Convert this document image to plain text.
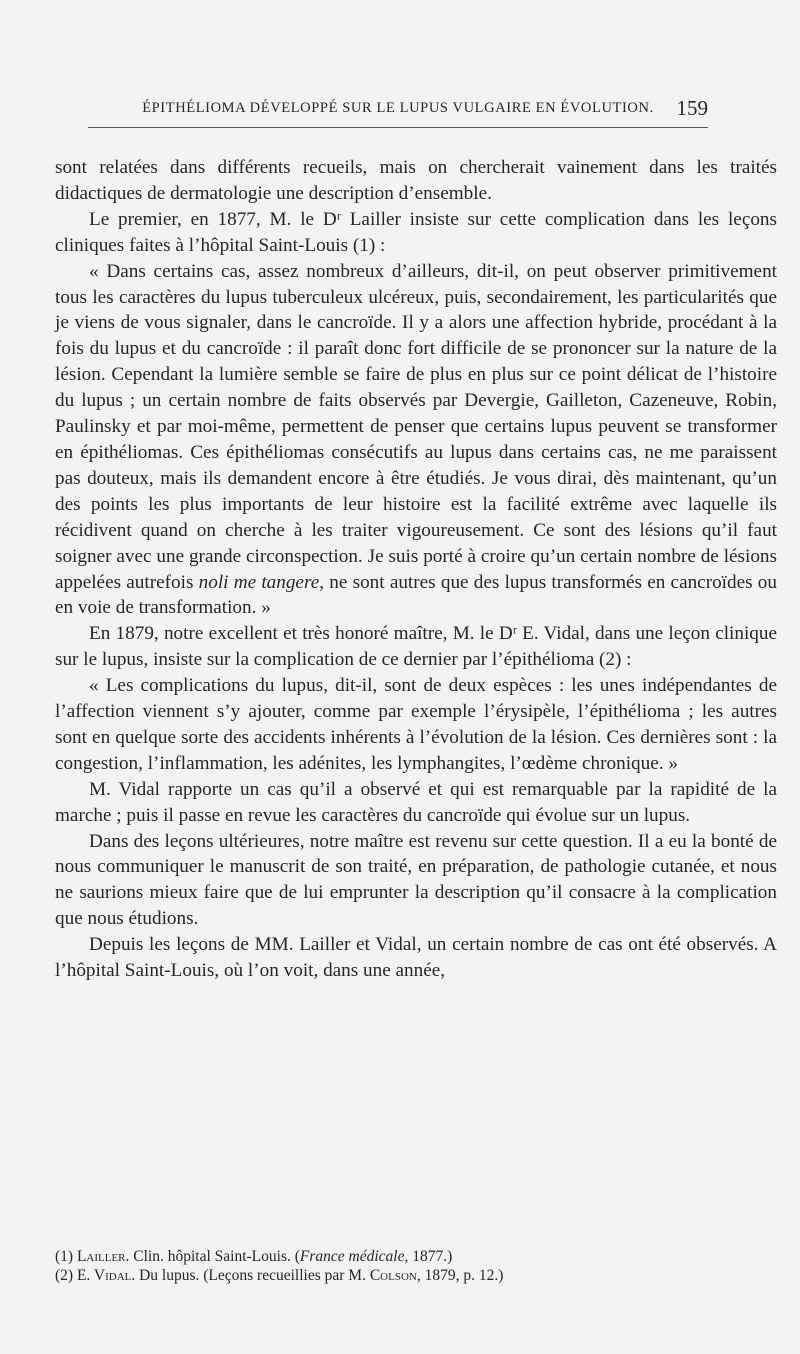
ÉPITHÉLIOMA DÉVELOPPÉ SUR LE LUPUS VULGAIRE EN ÉVOLUTION. 159

sont relatées dans différents recueils, mais on chercherait vainement dans les traités didactiques de dermatologie une description d’ensemble.

Le premier, en 1877, M. le Dʳ Lailler insiste sur cette complication dans les leçons cliniques faites à l’hôpital Saint-Louis (1) :

« Dans certains cas, assez nombreux d’ailleurs, dit-il, on peut observer primitivement tous les caractères du lupus tuberculeux ulcéreux, puis, secondairement, les particularités que je viens de vous signaler, dans le cancroïde. Il y a alors une affection hybride, procédant à la fois du lupus et du cancroïde : il paraît donc fort difficile de se prononcer sur la nature de la lésion. Cependant la lumière semble se faire de plus en plus sur ce point délicat de l’histoire du lupus ; un certain nombre de faits observés par Devergie, Gailleton, Cazeneuve, Robin, Paulinsky et par moi-même, permettent de penser que certains lupus peuvent se transformer en épithéliomas. Ces épithéliomas consécutifs au lupus dans certains cas, ne me paraissent pas douteux, mais ils demandent encore à être étudiés. Je vous dirai, dès maintenant, qu’un des points les plus importants de leur histoire est la facilité extrême avec laquelle ils récidivent quand on cherche à les traiter vigoureusement. Ce sont des lésions qu’il faut soigner avec une grande circonspection. Je suis porté à croire qu’un certain nombre de lésions appelées autrefois noli me tangere, ne sont autres que des lupus transformés en cancroïdes ou en voie de transformation. »

En 1879, notre excellent et très honoré maître, M. le Dʳ E. Vidal, dans une leçon clinique sur le lupus, insiste sur la complication de ce dernier par l’épithélioma (2) :

« Les complications du lupus, dit-il, sont de deux espèces : les unes indépendantes de l’affection viennent s’y ajouter, comme par exemple l’érysipèle, l’épithélioma ; les autres sont en quelque sorte des accidents inhérents à l’évolution de la lésion. Ces dernières sont : la congestion, l’inflammation, les adénites, les lymphangites, l’œdème chronique. »

M. Vidal rapporte un cas qu’il a observé et qui est remarquable par la rapidité de la marche ; puis il passe en revue les caractères du cancroïde qui évolue sur un lupus.

Dans des leçons ultérieures, notre maître est revenu sur cette question. Il a eu la bonté de nous communiquer le manuscrit de son traité, en préparation, de pathologie cutanée, et nous ne saurions mieux faire que de lui emprunter la description qu’il consacre à la complication que nous étudions.

Depuis les leçons de MM. Lailler et Vidal, un certain nombre de cas ont été observés. A l’hôpital Saint-Louis, où l’on voit, dans une année,

(1) Lailler. Clin. hôpital Saint-Louis. (France médicale, 1877.)

(2) E. Vidal. Du lupus. (Leçons recueillies par M. Colson, 1879, p. 12.)
